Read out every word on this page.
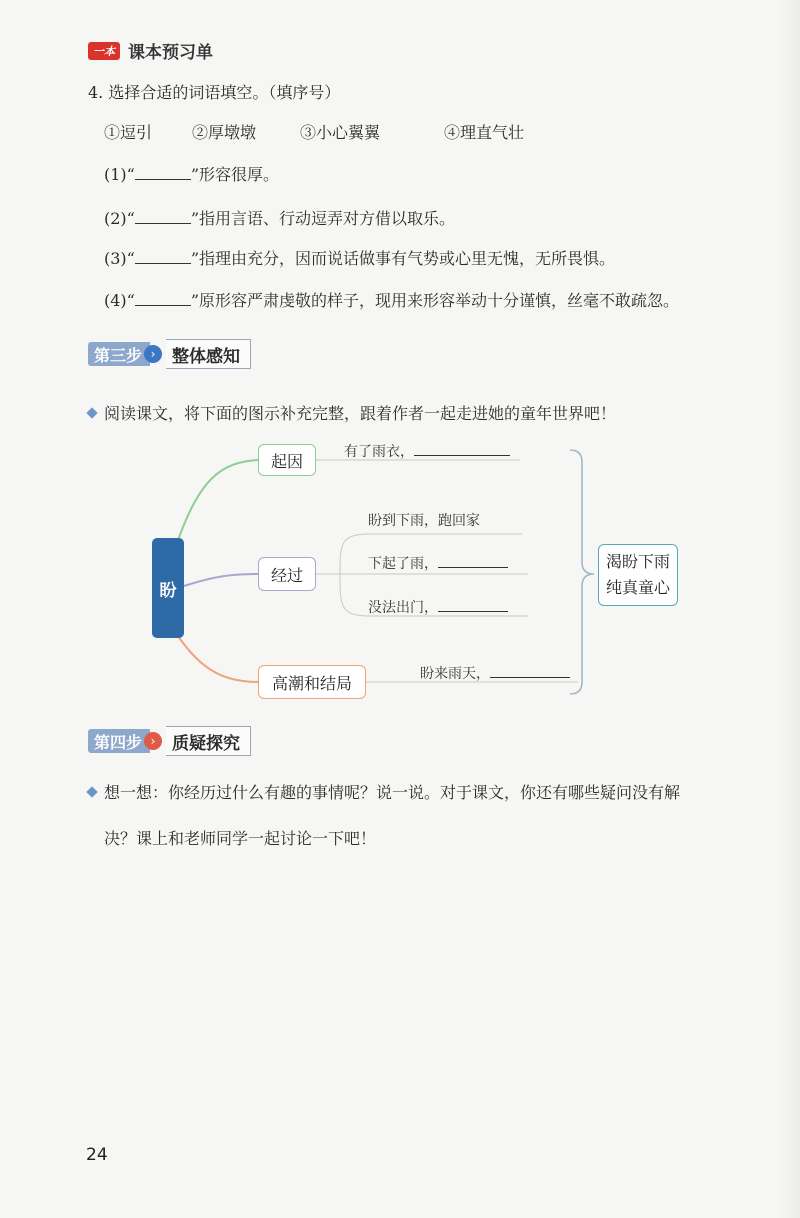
一本 课本预习单
4. 选择合适的词语填空。（填序号）
①逗引 ②厚墩墩	③小心翼翼	④理直气壮
(1)“	”形容很厚。
(2)“	”指用言语、行动逗弄对方借以取乐。
(3)“	”指理由充分，因而说话做事有气势或心里无愧，无所畏惧。
(4)“	”原形容严肃虔敬的样子，现用来形容举动十分谨慎，丝毫不敢疏忽。
第三步 › 整体感知
阅读课文，将下面的图示补充完整，跟着作者一起走进她的童年世界吧！
盼
起因
经过
高潮和结局
渴盼下雨
纯真童心
有了雨衣，
盼到下雨，跑回家
下起了雨，
没法出门，
盼来雨天，
第四步 › 质疑探究
想一想：你经历过什么有趣的事情呢？说一说。对于课文，你还有哪些疑问没有解
决？课上和老师同学一起讨论一下吧！
24
